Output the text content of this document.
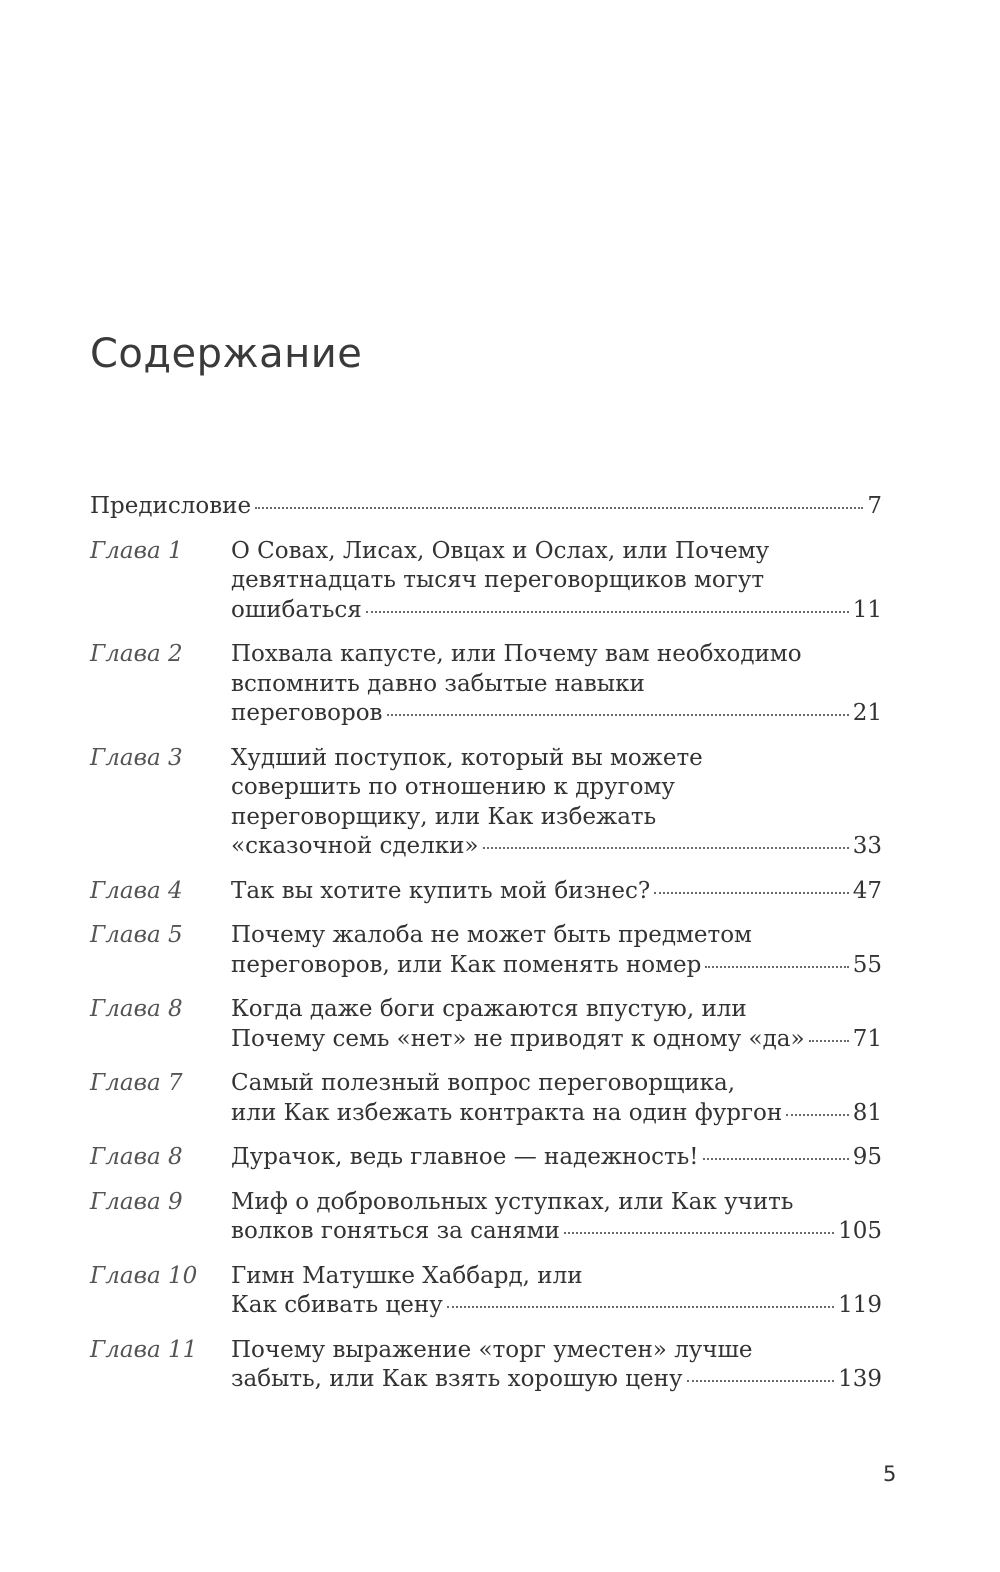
Содержание
Предисловие	7
Глава 1 О Совах, Лисах, Овцах и Ослах, или Почему
девятнадцать тысяч переговорщиков могут
ошибаться	11
Глава 2 Похвала капусте, или Почему вам необходимо
вспомнить давно забытые навыки
переговоров	21
Глава 3 Худший поступок, который вы можете
совершить по отношению к другому
переговорщику, или Как избежать
«сказочной сделки»	33
Глава 4 Так вы хотите купить мой бизнес?	47
Глава 5 Почему жалоба не может быть предметом
переговоров, или Как поменять номер	55
Глава 8 Когда даже боги сражаются впустую, или
Почему семь «нет» не приводят к одному «да» 71
Глава 7 Самый полезный вопрос переговорщика,
или Как избежать контракта на один фургон	81
Глава 8 Дурачок, ведь главное — надежность!	95
Глава 9 Миф о добровольных уступках, или Как учить
волков гоняться за санями	105
Глава 10 Гимн Матушке Хаббард, или
Как сбивать цену	119
Глава 11 Почему выражение «торг уместен» лучше
забыть, или Как взять хорошую цену	139
5
